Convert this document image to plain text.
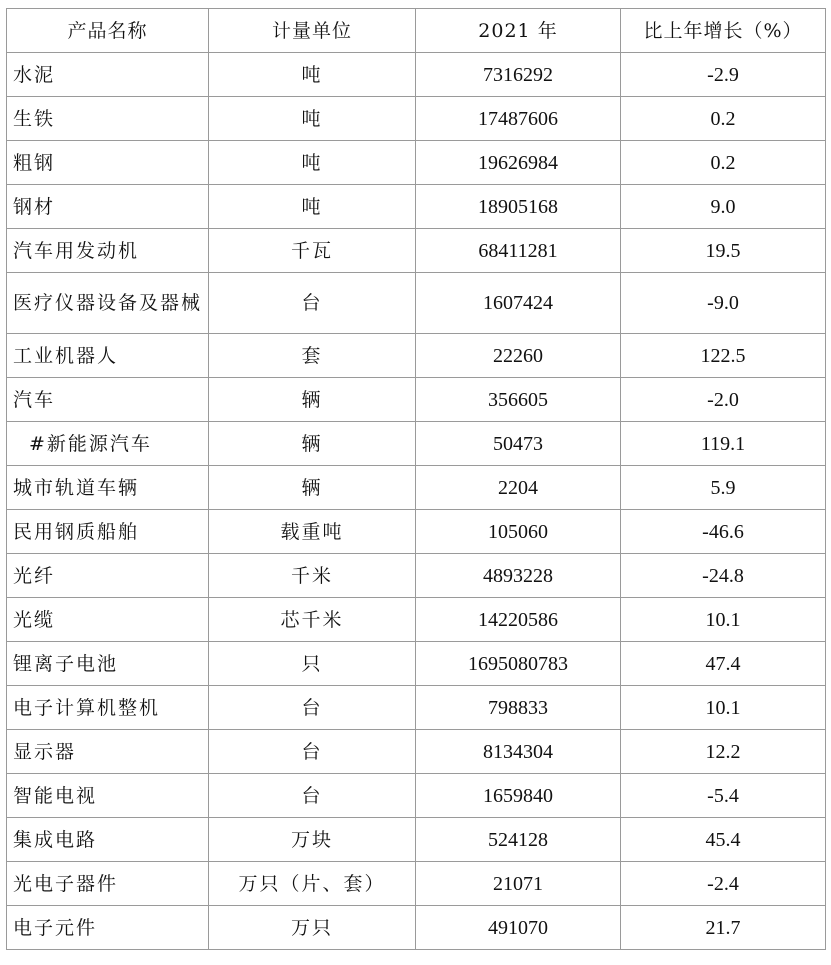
产品名称	计量单位	2021 年	比上年增长（%）
水泥	吨	7316292	-2.9
生铁	吨	17487606	0.2
粗钢	吨	19626984	0.2
钢材	吨	18905168	9.0
汽车用发动机	千瓦	68411281	19.5
医疗仪器设备及器械	台	1607424	-9.0
工业机器人	套	22260	122.5
汽车	辆	356605	-2.0
#新能源汽车	辆	50473	119.1
城市轨道车辆	辆	2204	5.9
民用钢质船舶	载重吨	105060	-46.6
光纤	千米	4893228	-24.8
光缆	芯千米	14220586	10.1
锂离子电池	只	1695080783	47.4
电子计算机整机	台	798833	10.1
显示器	台	8134304	12.2
智能电视	台	1659840	-5.4
集成电路	万块	524128	45.4
光电子器件	万只（片、套）	21071	-2.4
电子元件	万只	491070	21.7
